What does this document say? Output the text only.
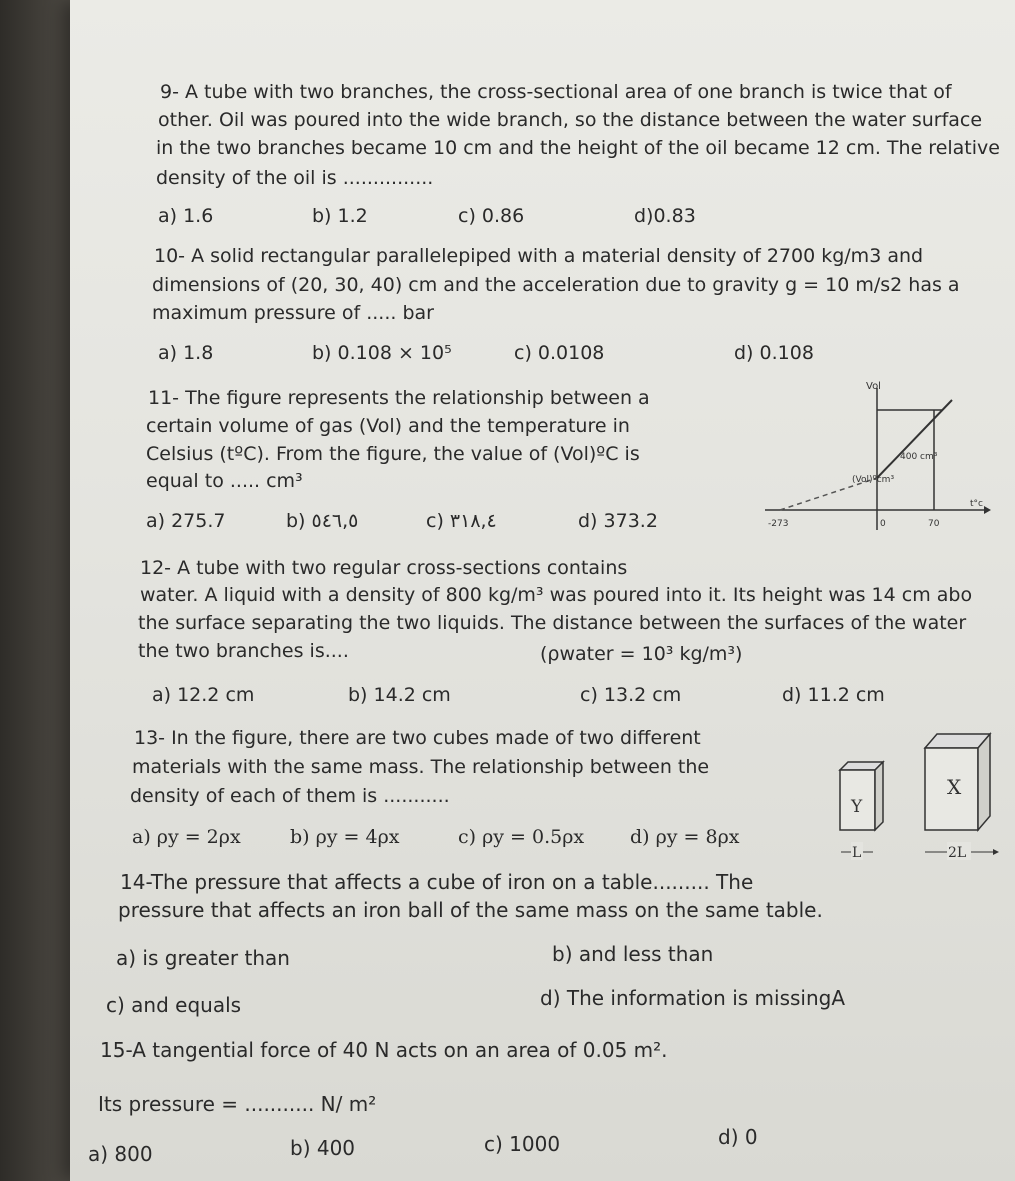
9- A tube with two branches, the cross-sectional area of one branch is twice that of
other. Oil was poured into the wide branch, so the distance between the water surface
in the two branches became 10 cm and the height of the oil became 12 cm. The relative
density of the oil is ...............
a) 1.6	b) 1.2	c) 0.86	d)0.83
10- A solid rectangular parallelepiped with a material density of 2700 kg/m3 and
dimensions of (20, 30, 40) cm and the acceleration due to gravity g = 10 m/s2 has a
maximum pressure of ..... bar
a) 1.8	b) 0.108 × 10⁵	c) 0.0108	d) 0.108
11- The figure represents the relationship between a
certain volume of gas (Vol) and the temperature in
Celsius (tºC). From the figure, the value of (Vol)ºC is
equal to ..... cm³
a) 275.7	b) ٥٤٦,٥	c) ٣١٨,٤	d) 373.2
Vol
t°c
400 cm³
(Vol)ºcm³
-273	0	70
12- A tube with two regular cross-sections contains
water. A liquid with a density of 800 kg/m³ was poured into it. Its height was 14 cm abo
the surface separating the two liquids. The distance between the surfaces of the water
the two branches is....	(ρwater = 10³ kg/m³)
a) 12.2 cm	b) 14.2 cm	c) 13.2 cm	d) 11.2 cm
13- In the figure, there are two cubes made of two different
materials with the same mass. The relationship between the
density of each of them is ...........
a) ρy = 2ρx	b) ρy = 4ρx	c) ρy = 0.5ρx d) ρy = 8ρx
Y
X
L	2L
14-The pressure that affects a cube of iron on a table......... The
pressure that affects an iron ball of the same mass on the same table.
a) is greater than	b) and less than
c) and equals	d) The information is missingA
15-A tangential force of 40 N acts on an area of 0.05 m².
Its pressure = ........... N/ m²
a) 800	b) 400	c) 1000	d) 0
